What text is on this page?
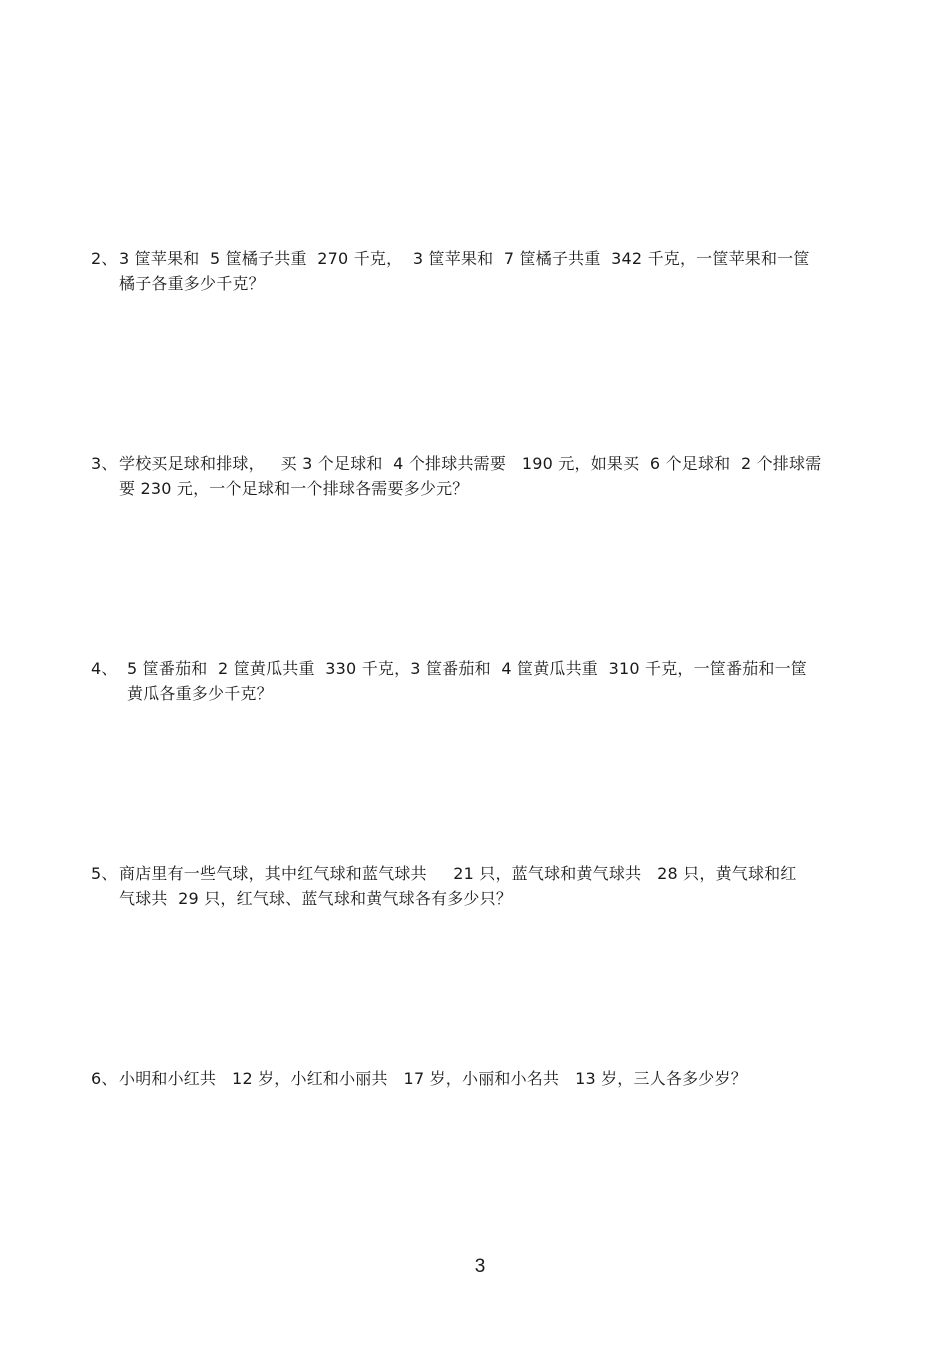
2、 3 筐苹果和  5 筐橘子共重  270 千克，  3 筐苹果和  7 筐橘子共重  342 千克，一筐苹果和一筐
橘子各重多少千克？
3、 学校买足球和排球，   买 3 个足球和  4 个排球共需要   190 元，如果买  6 个足球和  2 个排球需
要 230 元，一个足球和一个排球各需要多少元？
4、 5 筐番茄和  2 筐黄瓜共重  330 千克，3 筐番茄和  4 筐黄瓜共重  310 千克，一筐番茄和一筐
黄瓜各重多少千克？
5、 商店里有一些气球，其中红气球和蓝气球共     21 只，蓝气球和黄气球共   28 只，黄气球和红
气球共  29 只，红气球、蓝气球和黄气球各有多少只？
6、 小明和小红共   12 岁，小红和小丽共   17 岁，小丽和小名共   13 岁，三人各多少岁？
3
